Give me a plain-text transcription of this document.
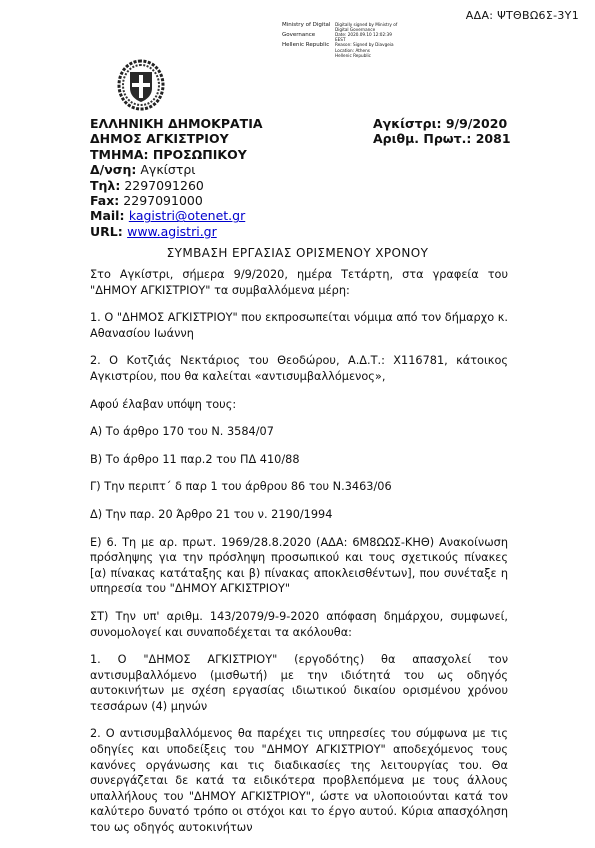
ΑΔΑ: ΨΤΘΒΩ6Σ-3Υ1
Ministry of Digital	Digitally signed by Ministry of Digital Governance
Governance	Date: 2020.09.10 12:02:39 EEST
Hellenic Republic	Reason: Signed by Diavgeia
Location: Athens
Hellenic Republic
ΕΛΛΗΝΙΚΗ ΔΗΜΟΚΡΑΤΙΑ
ΔΗΜΟΣ ΑΓΚΙΣΤΡΙΟΥ
ΤΜΗΜΑ: ΠΡΟΣΩΠΙΚΟΥ
Δ/νση: Αγκίστρι
Τηλ: 2297091260
Fax: 2297091000
Mail: kagistri@otenet.gr
URL: www.agistri.gr
Αγκίστρι: 9/9/2020
Αριθμ. Πρωτ.: 2081
ΣΥΜΒΑΣΗ ΕΡΓΑΣΙΑΣ ΟΡΙΣΜΕΝΟΥ ΧΡΟΝΟΥ

Στο Αγκίστρι, σήμερα 9/9/2020, ημέρα Τετάρτη, στα γραφεία του "ΔΗΜΟΥ ΑΓΚΙΣΤΡΙΟΥ" τα συμβαλλόμενα μέρη:

1. Ο "ΔΗΜΟΣ ΑΓΚΙΣΤΡΙΟΥ" που εκπροσωπείται νόμιμα από τον δήμαρχο κ. Αθανασίου Ιωάννη

2. Ο Κοτζιάς Νεκτάριος του Θεοδώρου, Α.Δ.Τ.: Χ116781, κάτοικος Αγκιστρίου, που θα καλείται «αντισυμβαλλόμενος»,

Αφού έλαβαν υπόψη τους:

Α) Το άρθρο 170 του Ν. 3584/07

Β) Το άρθρο 11 παρ.2 του ΠΔ 410/88

Γ) Την περιπτ΄ δ παρ 1 του άρθρου 86 του Ν.3463/06

Δ) Την παρ. 20 Άρθρο 21 του ν. 2190/1994

Ε) 6. Τη με αρ. πρωτ. 1969/28.8.2020 (ΑΔΑ: 6Μ8ΩΩΣ-ΚΗΘ) Ανακοίνωση πρόσληψης για την πρόσληψη προσωπικού και τους σχετικούς πίνακες [α) πίνακας κατάταξης και β) πίνακας αποκλεισθέντων], που συνέταξε η υπηρεσία του "ΔΗΜΟΥ ΑΓΚΙΣΤΡΙΟΥ"

ΣΤ) Την υπ' αριθμ. 143/2079/9-9-2020 απόφαση δημάρχου, συμφωνεί, συνομολογεί και συναποδέχεται τα ακόλουθα:

1. Ο "ΔΗΜΟΣ ΑΓΚΙΣΤΡΙΟΥ" (εργοδότης) θα απασχολεί τον αντισυμβαλλόμενο (μισθωτή) με την ιδιότητά του ως οδηγός αυτοκινήτων με σχέση εργασίας ιδιωτικού δικαίου ορισμένου χρόνου τεσσάρων (4) μηνών

2. Ο αντισυμβαλλόμενος θα παρέχει τις υπηρεσίες του σύμφωνα με τις οδηγίες και υποδείξεις του "ΔΗΜΟΥ ΑΓΚΙΣΤΡΙΟΥ" αποδεχόμενος τους κανόνες οργάνωσης και τις διαδικασίες της λειτουργίας του. Θα συνεργάζεται δε κατά τα ειδικότερα προβλεπόμενα με τους άλλους υπαλλήλους του "ΔΗΜΟΥ ΑΓΚΙΣΤΡΙΟΥ", ώστε να υλοποιούνται κατά τον καλύτερο δυνατό τρόπο οι στόχοι και το έργο αυτού. Κύρια απασχόληση του ως οδηγός αυτοκινήτων
